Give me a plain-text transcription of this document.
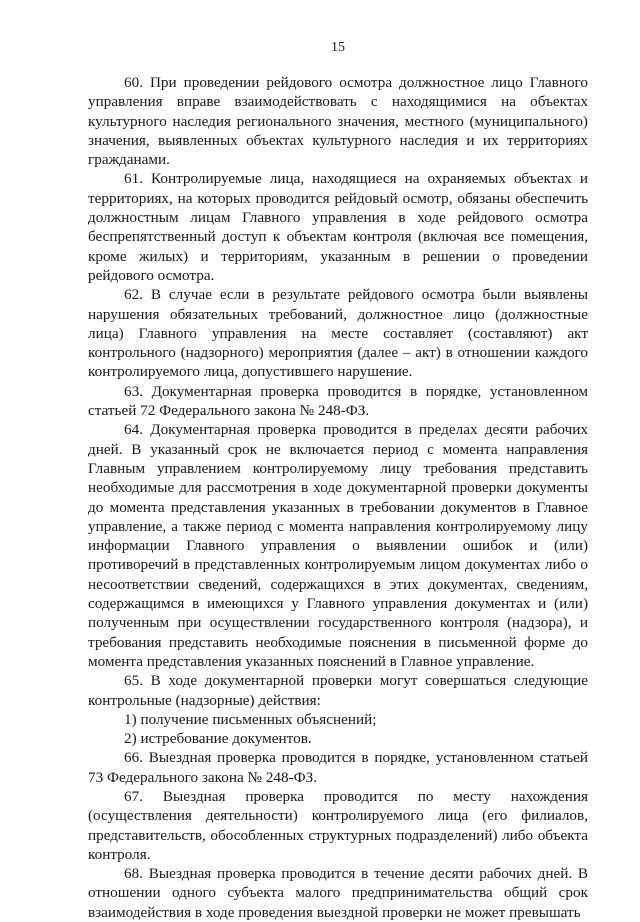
15

60. При проведении рейдового осмотра должностное лицо Главного управления вправе взаимодействовать с находящимися на объектах культурного наследия регионального значения, местного (муниципального) значения, выявленных объектах культурного наследия и их территориях гражданами.

61. Контролируемые лица, находящиеся на охраняемых объектах и территориях, на которых проводится рейдовый осмотр, обязаны обеспечить должностным лицам Главного управления в ходе рейдового осмотра беспрепятственный доступ к объектам контроля (включая все помещения, кроме жилых) и территориям, указанным в решении о проведении рейдового осмотра.

62. В случае если в результате рейдового осмотра были выявлены нарушения обязательных требований, должностное лицо (должностные лица) Главного управления на месте составляет (составляют) акт контрольного (надзорного) мероприятия (далее – акт) в отношении каждого контролируемого лица, допустившего нарушение.

63. Документарная проверка проводится в порядке, установленном статьей 72 Федерального закона № 248-ФЗ.

64. Документарная проверка проводится в пределах десяти рабочих дней. В указанный срок не включается период с момента направления Главным управлением контролируемому лицу требования представить необходимые для рассмотрения в ходе документарной проверки документы до момента представления указанных в требовании документов в Главное управление, а также период с момента направления контролируемому лицу информации Главного управления о выявлении ошибок и (или) противоречий в представленных контролируемым лицом документах либо о несоответствии сведений, содержащихся в этих документах, сведениям, содержащимся в имеющихся у Главного управления документах и (или) полученным при осуществлении государственного контроля (надзора), и требования представить необходимые пояснения в письменной форме до момента представления указанных пояснений в Главное управление.

65. В ходе документарной проверки могут совершаться следующие контрольные (надзорные) действия:

1) получение письменных объяснений;

2) истребование документов.

66. Выездная проверка проводится в порядке, установленном статьей 73 Федерального закона № 248-ФЗ.

67. Выездная проверка проводится по месту нахождения (осуществления деятельности) контролируемого лица (его филиалов, представительств, обособленных структурных подразделений) либо объекта контроля.

68. Выездная проверка проводится в течение десяти рабочих дней. В отношении одного субъекта малого предпринимательства общий срок взаимодействия в ходе проведения выездной проверки не может превышать
